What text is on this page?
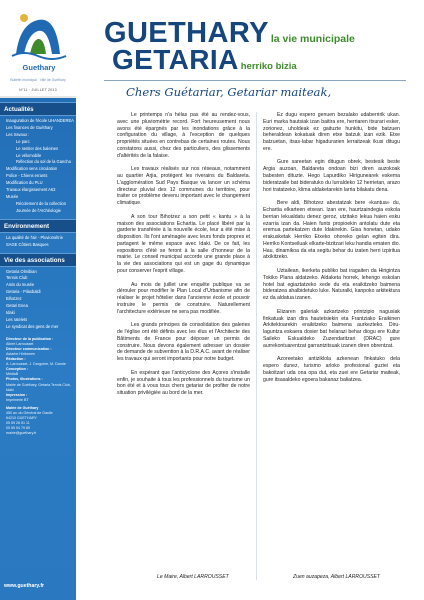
Guethary
Bulletin municipal · Ville de Guéthary
N°11 · JUILLET 2013
Actualités
Inauguration de l'école UHANDEREA
Les finances de Guéthary
Les travaux :
Le parc
Le sentier des baleines
Le vélomobile
Réfection du sol de la Gancha
Modification sens circulation
Police - Chiens errants
Modification du PLU
Travaux élargissement A63
Musée
Récolement de la collection
Journée de l'Archéologie
Environnement
La qualité de l'air - Pluviométrie
SAGE Côtiers Basques
Vie des associations
Getaria Olmibian
Tennis Club
Amis du musée
Getaria - Pilaxbaldi
Bihotzez
Getari Enea
Idaki
Les ratelets
Le syndicat des gens de mer

Directeur de la publication :

Albert Larrousset

Directeur communication :

Astarbe Hiribarren

Rédaction :

A. Larrousset, J. Darguère, M. Darote

Conception :

MédiaB

Photos, illustrations :

Mairie de Guéthary, Getaria Tennis Club, Idaki

Impression :

Imprimerie BT

Mairie de Guéthary

450 av. du Général de Gaulle

64210 GUETHARY

05 59 26 51 11

05 59 54 79 89

mairie@guethary.fr

www.guethary.fr
GUETHARY la vie municipale
GETARIA herriko bizia
Chers Guétariar, Getariar maiteak,

Le printemps n'a hélas pas été au rendez-vous, avec une pluviométrie record. Fort heureusement nous avons été épargnés par les inondations grâce à la configuration du village, à l'exception de quelques propriétés situées en contrebas de certaines routes. Nous constatons aussi, chez des particuliers, des glissements d'altérités de la falaise.

Les travaux réalisés sur nos réseaux, notamment au quartier Arjia, protègent les riverains du Baldareta. L'agglomération Sud Pays Basque va lancer un schéma directeur pluvial des 12 communes du territoire, pour traiter ce problème devenu important avec le changement climatique.

A son tour Bihotzez a son petit « kantu » à la maison des associations Echartia. Le placé libéré par la garderie transférée à la nouvelle école, leur a été mise à disposition. Ils l'ont aménagée avec leurs fonds propres et partagent le même espace avec Idaki. De ce fait, les expositions d'été se feront à la salle d'honneur de la mairie. Le conseil municipal accorde une grande place à la vie des associations qui est un gage du dynamique pour conserver l'esprit village.

Au mois de juillet une enquête publique va se dérouler pour modifier le Plan Local d'Urbanisme afin de réaliser le projet hôtelier dans l'ancienne école et pouvoir instruire le permis de construire. Naturellement l'architecture extérieure ne sera pas modifiée.

Les grands principes de consolidation des galeries de l'église ont été définis avec les élus et l'Architecte des Bâtiments de France pour déposer un permis de construire. Nous devons également adresser un dossier de demande de subvention à la D.R.A.C. avant de réaliser les travaux qui seront importants pour notre budget.

En espérant que l'anticyclone des Açores s'installe enfin, je souhaite à tous les professionnels du tourisme un bon été et à vous tous chers getariar de profiter de notre situation privilégiée au bord de la mer.

Ez dugu espero genuen bezalako udaberririk ukan. Euri marka hautsiak izan baitira ere, herriaren itxurari esker, zorionez, uholdeak ez gaituzte hunkitu, bide batzuen beheraldean kokatuak diren etxe batzuk izan ezik. Etxe batzuetan, itsas-labar higadurarien lerraitzeak ikusi ditugu ere.

Gure sareetan egin ditugun obrek, bestesik beste Argia auzoan, Baldareta ondoan bizi diren auzokoak babesten dituzte. Hego Lapurdiko Hirigunearek eskema bideratzaile bat bideratuko du lurraldeko 12 herrietan, arazo hori tratatzeko, klima aldaketarekin larria bilakatu dena.

Bere aldi, Bihotzez abestatzak bere «kantua» du, Echartia elkarteen etxean. Izan ere, haurtzaindegia eskola berrian lekualdatu denez geroz, utzitako lekua haien esku ezarria izan da. Haien funts propioekin antolatu dute eta eremua partekatzen dute Idakirekin. Gisa honetan, udako erakusketak Herriko Etxeko ohoreko gelan egiten dira. Herriko Kontseiluak elkarte-bizitzari leku handia ematen dio. Hau, dinamikoa da eta segitu behar du izaten herri izpiritua atxikitzeko.

Uztailean, ikerketa publiko bat iragaiten da Hirigintza Tokiko Plana aldatzeko. Aldaketa horrek, lehengo eskolan hotel bat egiaztatzeko xede du eta eraikitzeko baimena bideratzea ahalbidetuko luke. Naturalki, kanpoko arkitektura ez da aldatua izanen.

Elizaren galeriak azkartzeko printzipio nagusiak finkatuak izan dira hautetsiekin eta Frantziako Eraikinen Arkitektoarekin eraikitzeko baimena aurkezteko. Diru-laguntza eskaera dosier bat helarazi behar diogu ere Kultur Saileko Eskualdeko Zuzendaritzari (DRAC) gure aurrekontuarentzat garrantzitsuak izanen diren obrentzat.

Azoreetako antiziklola azkenean finkatuko dela espero dunez, turismo arloko profesional guziei eta bakoitzari uda ona opa dut, eta zuei ere Getariar maiteak, gure itsasaldeko egoera bakanaz baliatzea.

Le Maire, Albert LARROUSSET	Zuen auzapeza, Albert LARROUSSET
